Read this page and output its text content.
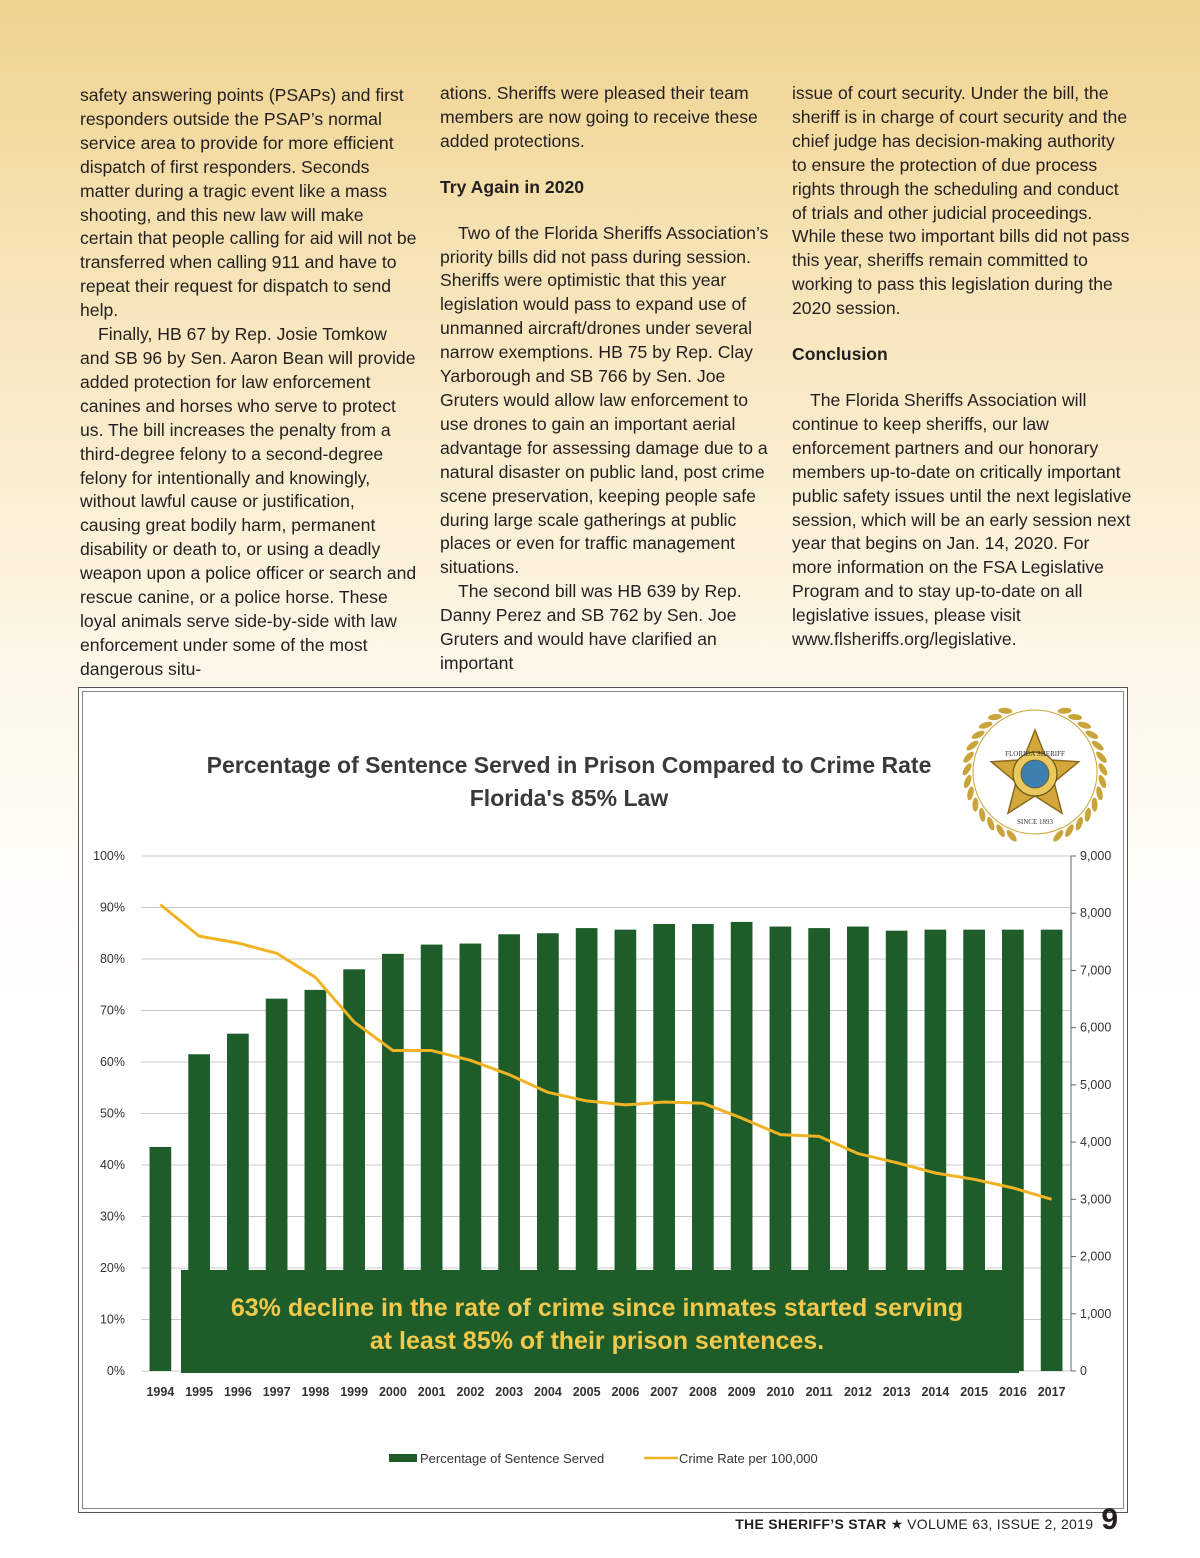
safety answering points (PSAPs) and first responders outside the PSAP’s normal service area to provide for more efficient dispatch of first responders. Seconds matter during a tragic event like a mass shooting, and this new law will make certain that people calling for aid will not be transferred when calling 911 and have to repeat their request for dispatch to send help.

Finally, HB 67 by Rep. Josie Tomkow and SB 96 by Sen. Aaron Bean will provide added protection for law enforcement canines and horses who serve to protect us. The bill increases the penalty from a third-degree felony to a second-degree felony for intentionally and knowingly, without lawful cause or justification, causing great bodily harm, permanent disability or death to, or using a deadly weapon upon a police officer or search and rescue canine, or a police horse. These loyal animals serve side-by-side with law enforcement under some of the most dangerous situ-

ations. Sheriffs were pleased their team members are now going to receive these added protections.

Try Again in 2020

Two of the Florida Sheriffs Association’s priority bills did not pass during session. Sheriffs were optimistic that this year legislation would pass to expand use of unmanned aircraft/drones under several narrow exemptions. HB 75 by Rep. Clay Yarborough and SB 766 by Sen. Joe Gruters would allow law enforcement to use drones to gain an important aerial advantage for assessing damage due to a natural disaster on public land, post crime scene preservation, keeping people safe during large scale gatherings at public places or even for traffic management situations.

The second bill was HB 639 by Rep. Danny Perez and SB 762 by Sen. Joe Gruters and would have clarified an important

issue of court security. Under the bill, the sheriff is in charge of court security and the chief judge has decision-making authority to ensure the protection of due process rights through the scheduling and conduct of trials and other judicial proceedings. While these two important bills did not pass this year, sheriffs remain committed to working to pass this legislation during the 2020 session.

Conclusion

The Florida Sheriffs Association will continue to keep sheriffs, our law enforcement partners and our honorary members up-to-date on critically important public safety issues until the next legislative session, which will be an early session next year that begins on Jan. 14, 2020. For more information on the FSA Legislative Program and to stay up-to-date on all legislative issues, please visit www.flsheriffs.org/legislative.

Percentage of Sentence Served in Prison Compared to Crime Rate
Florida's 85% Law
0%
10%
20%
30%
40%
50%
60%
70%
80%
90%
100%
0
1,000
2,000
3,000
4,000
5,000
6,000
7,000
8,000
9,000
63% decline in the rate of crime since inmates started serving
at least 85% of their prison sentences.
1994 1995 1996 1997 1998 1999 2000 2001 2002 2003 2004 2005 2006 2007 2008 2009 2010 2011 2012 2013 2014 2015 2016 2017
Percentage of Sentence Served	Crime Rate per 100,000
SINCE 1893
FLORIDA SHERIFF
THE SHERIFF’S STAR ★ VOLUME 63, ISSUE 2, 2019 9
